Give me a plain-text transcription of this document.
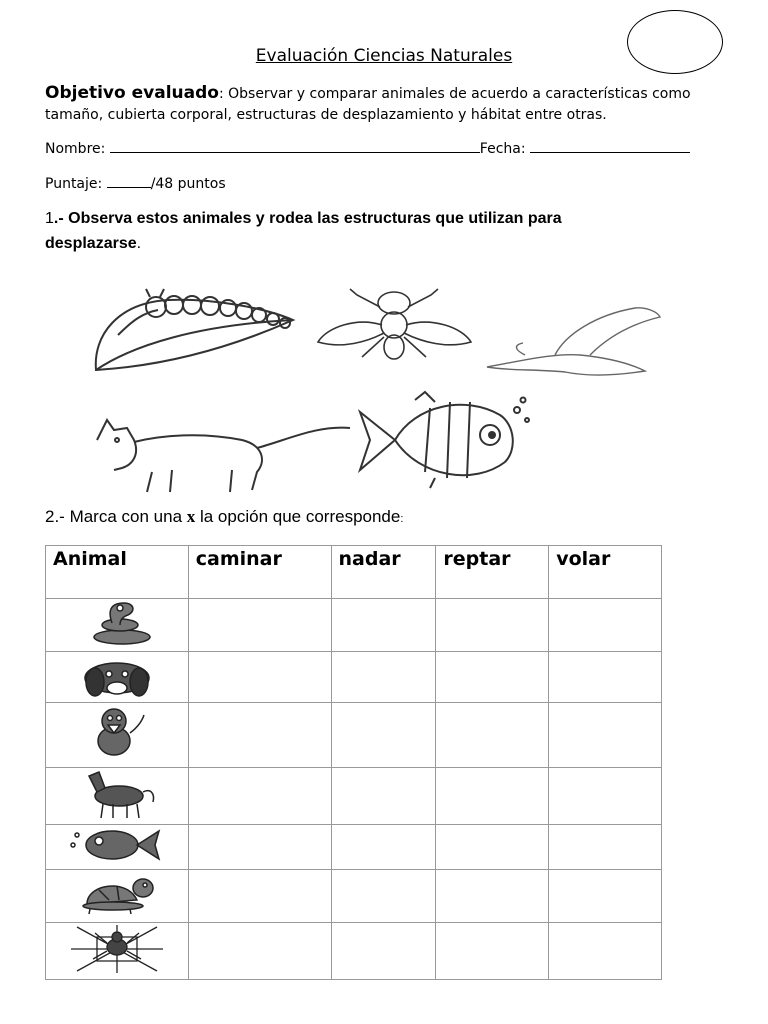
Evaluación Ciencias Naturales
Objetivo evaluado: Observar y comparar animales de acuerdo a características como tamaño, cubierta corporal, estructuras de desplazamiento y hábitat entre otras.
Nombre:	Fecha:
Puntaje:	/48 puntos
1.- Observa estos animales y rodea las estructuras que utilizan para desplazarse.
2.- Marca con una x la opción que corresponde:
Animal	caminar	nadar	reptar	volar
